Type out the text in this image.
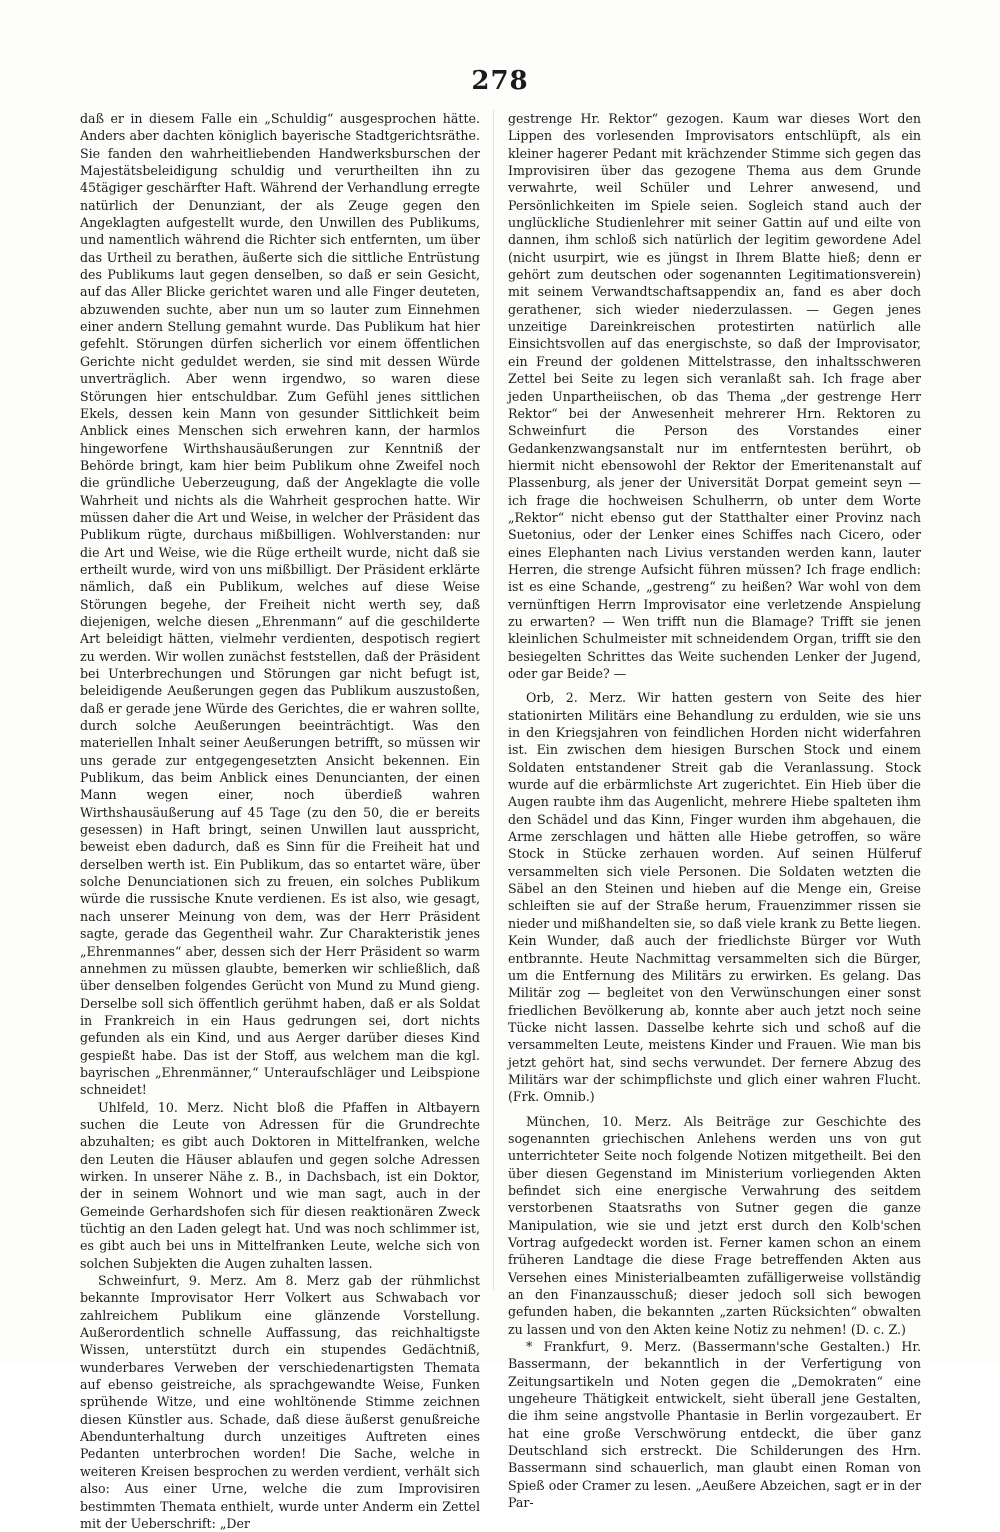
278

daß er in diesem Falle ein „Schuldig“ ausgesprochen hätte. Anders aber dachten königlich bayerische Stadtgerichtsräthe. Sie fanden den wahrheitliebenden Handwerksburschen der Majestätsbeleidigung schuldig und verurtheilten ihn zu 45tägiger geschärfter Haft. Während der Verhandlung erregte natürlich der Denunziant, der als Zeuge gegen den Angeklagten aufgestellt wurde, den Unwillen des Publikums, und namentlich während die Richter sich entfernten, um über das Urtheil zu berathen, äußerte sich die sittliche Entrüstung des Publikums laut gegen denselben, so daß er sein Gesicht, auf das Aller Blicke gerichtet waren und alle Finger deuteten, abzuwenden suchte, aber nun um so lauter zum Einnehmen einer andern Stellung gemahnt wurde. Das Publikum hat hier gefehlt. Störungen dürfen sicherlich vor einem öffentlichen Gerichte nicht geduldet werden, sie sind mit dessen Würde unverträglich. Aber wenn irgendwo, so waren diese Störungen hier entschuldbar. Zum Gefühl jenes sittlichen Ekels, dessen kein Mann von gesunder Sittlichkeit beim Anblick eines Menschen sich erwehren kann, der harmlos hingeworfene Wirthshausäußerungen zur Kenntniß der Behörde bringt, kam hier beim Publikum ohne Zweifel noch die gründliche Ueberzeugung, daß der Angeklagte die volle Wahrheit und nichts als die Wahrheit gesprochen hatte. Wir müssen daher die Art und Weise, in welcher der Präsident das Publikum rügte, durchaus mißbilligen. Wohlverstanden: nur die Art und Weise, wie die Rüge ertheilt wurde, nicht daß sie ertheilt wurde, wird von uns mißbilligt. Der Präsident erklärte nämlich, daß ein Publikum, welches auf diese Weise Störungen begehe, der Freiheit nicht werth sey, daß diejenigen, welche diesen „Ehrenmann“ auf die geschilderte Art beleidigt hätten, vielmehr verdienten, despotisch regiert zu werden. Wir wollen zunächst feststellen, daß der Präsident bei Unterbrechungen und Störungen gar nicht befugt ist, beleidigende Aeußerungen gegen das Publikum auszustoßen, daß er gerade jene Würde des Gerichtes, die er wahren sollte, durch solche Aeußerungen beeinträchtigt. Was den materiellen Inhalt seiner Aeußerungen betrifft, so müssen wir uns gerade zur entgegengesetzten Ansicht bekennen. Ein Publikum, das beim Anblick eines Denuncianten, der einen Mann wegen einer, noch überdieß wahren Wirthshausäußerung auf 45 Tage (zu den 50, die er bereits gesessen) in Haft bringt, seinen Unwillen laut ausspricht, beweist eben dadurch, daß es Sinn für die Freiheit hat und derselben werth ist. Ein Publikum, das so entartet wäre, über solche Denunciationen sich zu freuen, ein solches Publikum würde die russische Knute verdienen. Es ist also, wie gesagt, nach unserer Meinung von dem, was der Herr Präsident sagte, gerade das Gegentheil wahr. Zur Charakteristik jenes „Ehrenmannes“ aber, dessen sich der Herr Präsident so warm annehmen zu müssen glaubte, bemerken wir schließlich, daß über denselben folgendes Gerücht von Mund zu Mund gieng. Derselbe soll sich öffentlich gerühmt haben, daß er als Soldat in Frankreich in ein Haus gedrungen sei, dort nichts gefunden als ein Kind, und aus Aerger darüber dieses Kind gespießt habe. Das ist der Stoff, aus welchem man die kgl. bayrischen „Ehrenmänner,“ Unteraufschläger und Leibspione schneidet!

Uhlfeld, 10. Merz. Nicht bloß die Pfaffen in Altbayern suchen die Leute von Adressen für die Grundrechte abzuhalten; es gibt auch Doktoren in Mittelfranken, welche den Leuten die Häuser ablaufen und gegen solche Adressen wirken. In unserer Nähe z. B., in Dachsbach, ist ein Doktor, der in seinem Wohnort und wie man sagt, auch in der Gemeinde Gerhardshofen sich für diesen reaktionären Zweck tüchtig an den Laden gelegt hat. Und was noch schlimmer ist, es gibt auch bei uns in Mittelfranken Leute, welche sich von solchen Subjekten die Augen zuhalten lassen.

Schweinfurt, 9. Merz. Am 8. Merz gab der rühmlichst bekannte Improvisator Herr Volkert aus Schwabach vor zahlreichem Publikum eine glänzende Vorstellung. Außerordentlich schnelle Auffassung, das reichhaltigste Wissen, unterstützt durch ein stupendes Gedächtniß, wunderbares Verweben der verschiedenartigsten Themata auf ebenso geistreiche, als sprachgewandte Weise, Funken sprühende Witze, und eine wohltönende Stimme zeichnen diesen Künstler aus. Schade, daß diese äußerst genußreiche Abendunterhaltung durch unzeitiges Auftreten eines Pedanten unterbrochen worden! Die Sache, welche in weiteren Kreisen besprochen zu werden verdient, verhält sich also: Aus einer Urne, welche die zum Improvisiren bestimmten Themata enthielt, wurde unter Anderm ein Zettel mit der Ueberschrift: „Der

gestrenge Hr. Rektor“ gezogen. Kaum war dieses Wort den Lippen des vorlesenden Improvisators entschlüpft, als ein kleiner hagerer Pedant mit krächzender Stimme sich gegen das Improvisiren über das gezogene Thema aus dem Grunde verwahrte, weil Schüler und Lehrer anwesend, und Persönlichkeiten im Spiele seien. Sogleich stand auch der unglückliche Studienlehrer mit seiner Gattin auf und eilte von dannen, ihm schloß sich natürlich der legitim gewordene Adel (nicht usurpirt, wie es jüngst in Ihrem Blatte hieß; denn er gehört zum deutschen oder sogenannten Legitimationsverein) mit seinem Verwandtschaftsappendix an, fand es aber doch gerathener, sich wieder niederzulassen. — Gegen jenes unzeitige Dareinkreischen protestirten natürlich alle Einsichtsvollen auf das energischste, so daß der Improvisator, ein Freund der goldenen Mittelstrasse, den inhaltsschweren Zettel bei Seite zu legen sich veranlaßt sah. Ich frage aber jeden Unpartheiischen, ob das Thema „der gestrenge Herr Rektor“ bei der Anwesenheit mehrerer Hrn. Rektoren zu Schweinfurt die Person des Vorstandes einer Gedankenzwangsanstalt nur im entferntesten berührt, ob hiermit nicht ebensowohl der Rektor der Emeritenanstalt auf Plassenburg, als jener der Universität Dorpat gemeint seyn — ich frage die hochweisen Schulherrn, ob unter dem Worte „Rektor“ nicht ebenso gut der Statthalter einer Provinz nach Suetonius, oder der Lenker eines Schiffes nach Cicero, oder eines Elephanten nach Livius verstanden werden kann, lauter Herren, die strenge Aufsicht führen müssen? Ich frage endlich: ist es eine Schande, „gestreng“ zu heißen? War wohl von dem vernünftigen Herrn Improvisator eine verletzende Anspielung zu erwarten? — Wen trifft nun die Blamage? Trifft sie jenen kleinlichen Schulmeister mit schneidendem Organ, trifft sie den besiegelten Schrittes das Weite suchenden Lenker der Jugend, oder gar Beide? —

Orb, 2. Merz. Wir hatten gestern von Seite des hier stationirten Militärs eine Behandlung zu erdulden, wie sie uns in den Kriegsjahren von feindlichen Horden nicht widerfahren ist. Ein zwischen dem hiesigen Burschen Stock und einem Soldaten entstandener Streit gab die Veranlassung. Stock wurde auf die erbärmlichste Art zugerichtet. Ein Hieb über die Augen raubte ihm das Augenlicht, mehrere Hiebe spalteten ihm den Schädel und das Kinn, Finger wurden ihm abgehauen, die Arme zerschlagen und hätten alle Hiebe getroffen, so wäre Stock in Stücke zerhauen worden. Auf seinen Hülferuf versammelten sich viele Personen. Die Soldaten wetzten die Säbel an den Steinen und hieben auf die Menge ein, Greise schleiften sie auf der Straße herum, Frauenzimmer rissen sie nieder und mißhandelten sie, so daß viele krank zu Bette liegen. Kein Wunder, daß auch der friedlichste Bürger vor Wuth entbrannte. Heute Nachmittag versammelten sich die Bürger, um die Entfernung des Militärs zu erwirken. Es gelang. Das Militär zog — begleitet von den Verwünschungen einer sonst friedlichen Bevölkerung ab, konnte aber auch jetzt noch seine Tücke nicht lassen. Dasselbe kehrte sich und schoß auf die versammelten Leute, meistens Kinder und Frauen. Wie man bis jetzt gehört hat, sind sechs verwundet. Der fernere Abzug des Militärs war der schimpflichste und glich einer wahren Flucht. (Frk. Omnib.)

München, 10. Merz. Als Beiträge zur Geschichte des sogenannten griechischen Anlehens werden uns von gut unterrichteter Seite noch folgende Notizen mitgetheilt. Bei den über diesen Gegenstand im Ministerium vorliegenden Akten befindet sich eine energische Verwahrung des seitdem verstorbenen Staatsraths von Sutner gegen die ganze Manipulation, wie sie und jetzt erst durch den Kolb'schen Vortrag aufgedeckt worden ist. Ferner kamen schon an einem früheren Landtage die diese Frage betreffenden Akten aus Versehen eines Ministerialbeamten zufälligerweise vollständig an den Finanzausschuß; dieser jedoch soll sich bewogen gefunden haben, die bekannten „zarten Rücksichten“ obwalten zu lassen und von den Akten keine Notiz zu nehmen! (D. c. Z.)

* Frankfurt, 9. Merz. (Bassermann'sche Gestalten.) Hr. Bassermann, der bekanntlich in der Verfertigung von Zeitungsartikeln und Noten gegen die „Demokraten“ eine ungeheure Thätigkeit entwickelt, sieht überall jene Gestalten, die ihm seine angstvolle Phantasie in Berlin vorgezaubert. Er hat eine große Verschwörung entdeckt, die über ganz Deutschland sich erstreckt. Die Schilderungen des Hrn. Bassermann sind schauerlich, man glaubt einen Roman von Spieß oder Cramer zu lesen. „Aeußere Abzeichen, sagt er in der Par-
